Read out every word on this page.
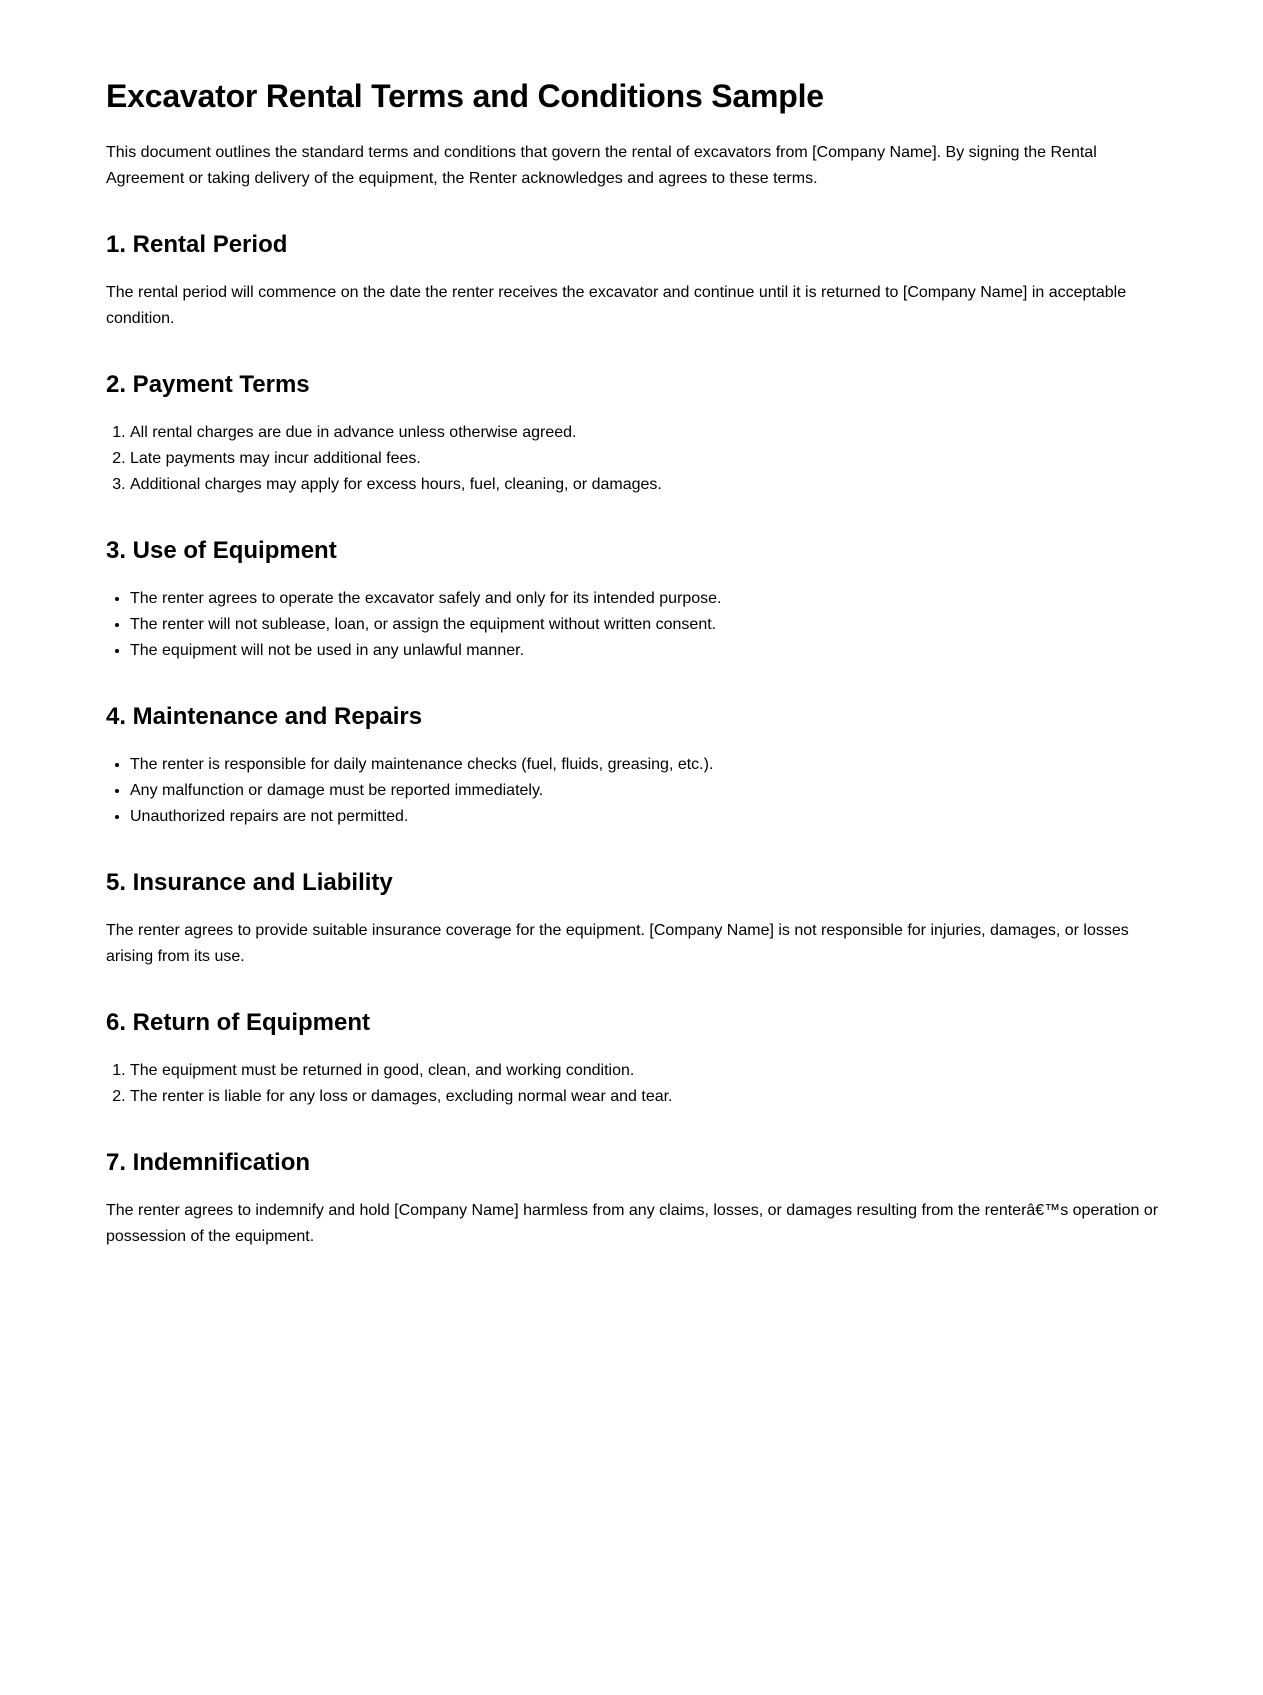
Excavator Rental Terms and Conditions Sample

This document outlines the standard terms and conditions that govern the rental of excavators from [Company Name]. By signing the Rental Agreement or taking delivery of the equipment, the Renter acknowledges and agrees to these terms.

1. Rental Period

The rental period will commence on the date the renter receives the excavator and continue until it is returned to [Company Name] in acceptable condition.

2. Payment Terms
1. All rental charges are due in advance unless otherwise agreed.
2. Late payments may incur additional fees.
3. Additional charges may apply for excess hours, fuel, cleaning, or damages.
3. Use of Equipment
• The renter agrees to operate the excavator safely and only for its intended purpose.
• The renter will not sublease, loan, or assign the equipment without written consent.
• The equipment will not be used in any unlawful manner.
4. Maintenance and Repairs
• The renter is responsible for daily maintenance checks (fuel, fluids, greasing, etc.).
• Any malfunction or damage must be reported immediately.
• Unauthorized repairs are not permitted.
5. Insurance and Liability

The renter agrees to provide suitable insurance coverage for the equipment. [Company Name] is not responsible for injuries, damages, or losses arising from its use.

6. Return of Equipment
1. The equipment must be returned in good, clean, and working condition.
2. The renter is liable for any loss or damages, excluding normal wear and tear.
7. Indemnification

The renter agrees to indemnify and hold [Company Name] harmless from any claims, losses, or damages resulting from the renterâ€™s operation or possession of the equipment.
